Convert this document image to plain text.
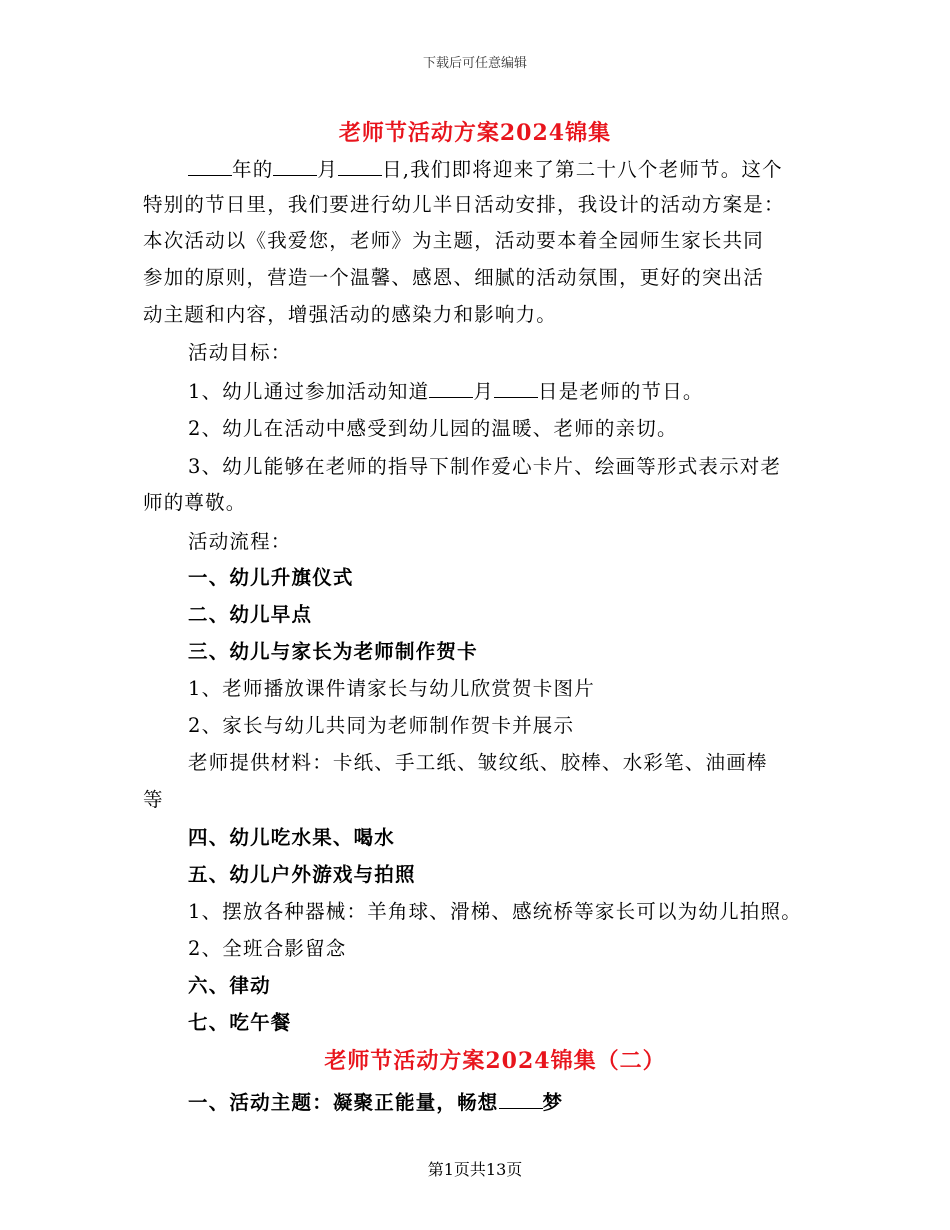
下载后可任意编辑
老师节活动方案2024锦集
年的 月 日,我们即将迎来了第二十八个老师节。这个
特别的节日里，我们要进行幼儿半日活动安排，我设计的活动方案是：
本次活动以《我爱您，老师》为主题，活动要本着全园师生家长共同
参加的原则，营造一个温馨、感恩、细腻的活动氛围，更好的突出活
动主题和内容，增强活动的感染力和影响力。
活动目标：
1、幼儿通过参加活动知道 月 日是老师的节日。
2、幼儿在活动中感受到幼儿园的温暖、老师的亲切。
3、幼儿能够在老师的指导下制作爱心卡片、绘画等形式表示对老
师的尊敬。
活动流程：
一、幼儿升旗仪式
二、幼儿早点
三、幼儿与家长为老师制作贺卡
1、老师播放课件请家长与幼儿欣赏贺卡图片
2、家长与幼儿共同为老师制作贺卡并展示
老师提供材料：卡纸、手工纸、皱纹纸、胶棒、水彩笔、油画棒
等
四、幼儿吃水果、喝水
五、幼儿户外游戏与拍照
1、摆放各种器械：羊角球、滑梯、感统桥等家长可以为幼儿拍照。
2、全班合影留念
六、律动
七、吃午餐
老师节活动方案2024锦集（二）
一、活动主题：凝聚正能量，畅想 梦
第1页共13页
